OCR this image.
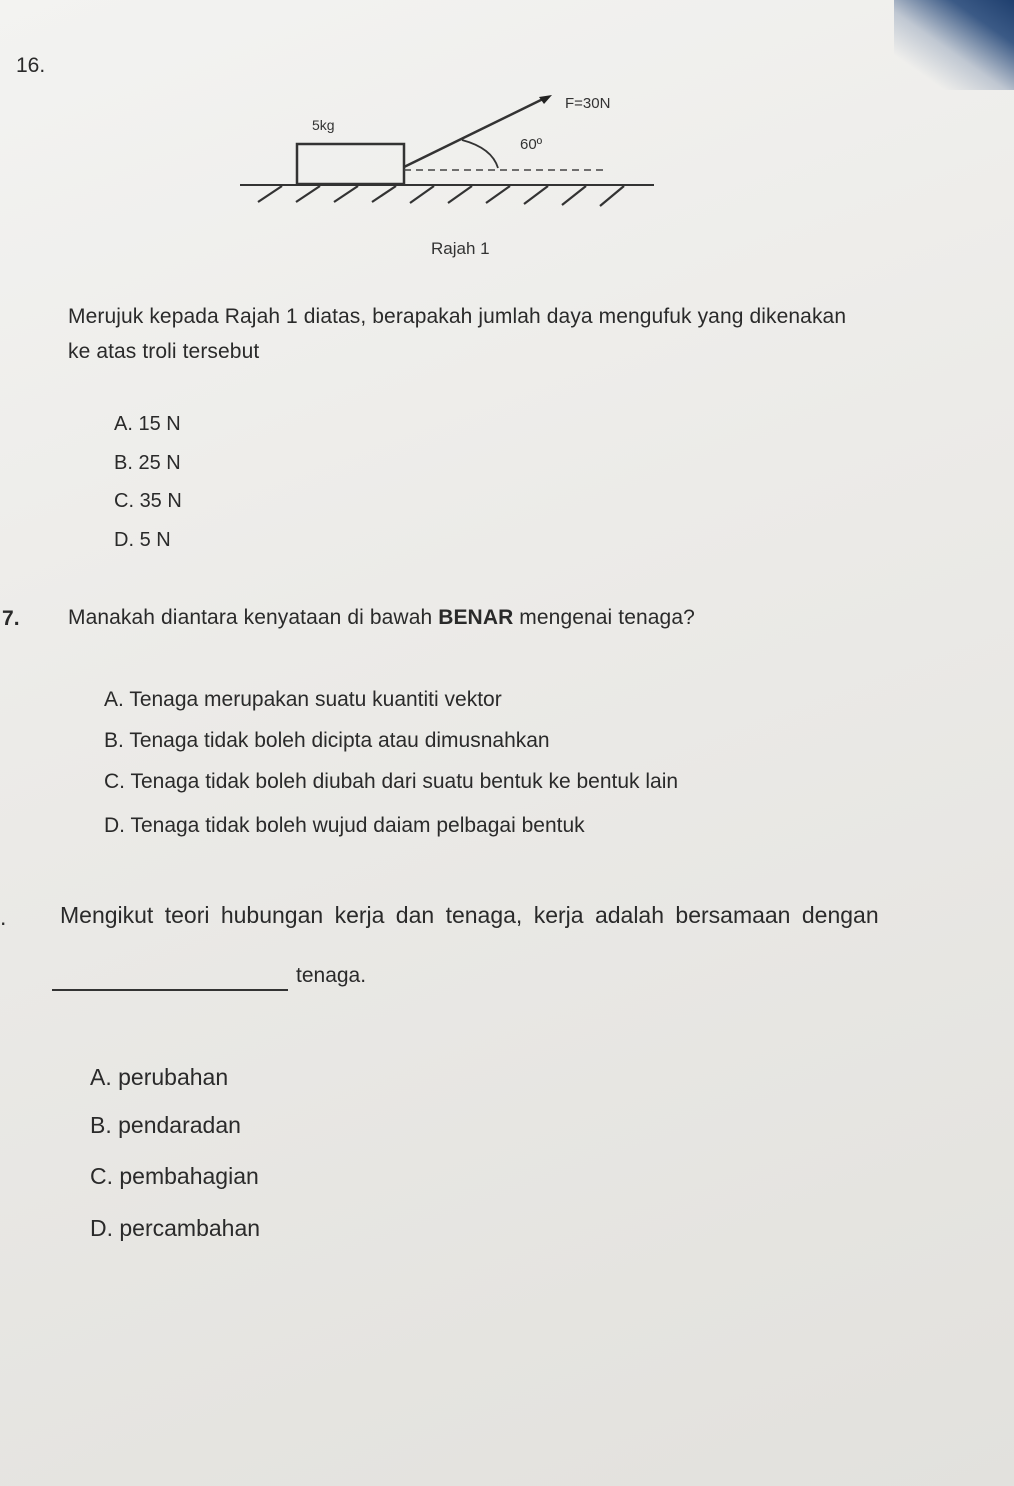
16.
F=30N
5kg
60º
Rajah 1
Merujuk kepada Rajah 1 diatas, berapakah jumlah daya mengufuk yang dikenakan
ke atas troli tersebut
A. 15 N
B. 25 N
C. 35 N
D. 5 N
7. Manakah diantara kenyataan di bawah BENAR mengenai tenaga?
A. Tenaga merupakan suatu kuantiti vektor
B. Tenaga tidak boleh dicipta atau dimusnahkan
C. Tenaga tidak boleh diubah dari suatu bentuk ke bentuk lain
D. Tenaga tidak boleh wujud daiam pelbagai bentuk
. Mengikut teori hubungan kerja dan tenaga, kerja adalah bersamaan dengan
tenaga.
A. perubahan
B. pendaradan
C. pembahagian
D. percambahan
